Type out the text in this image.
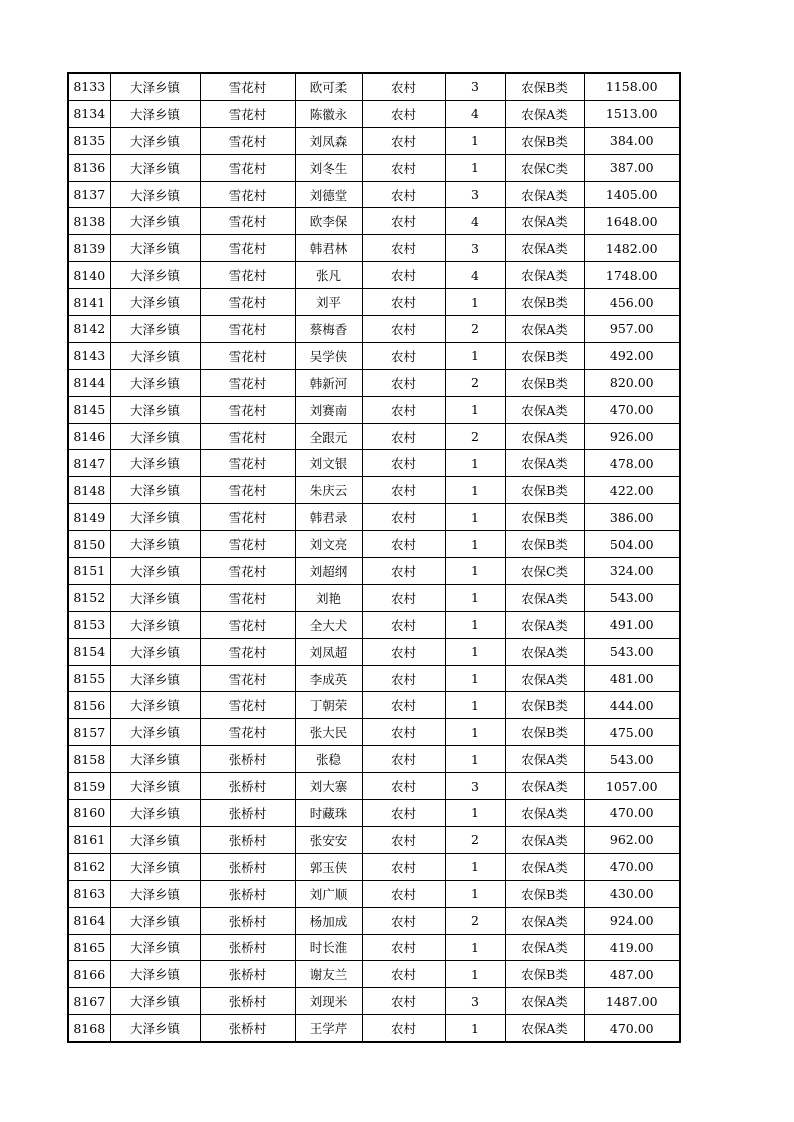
8133	大泽乡镇	雪花村	欧可柔	农村	3	农保B类	1158.00
8134	大泽乡镇	雪花村	陈徽永	农村	4	农保A类	1513.00
8135	大泽乡镇	雪花村	刘凤森	农村	1	农保B类	384.00
8136	大泽乡镇	雪花村	刘冬生	农村	1	农保C类	387.00
8137	大泽乡镇	雪花村	刘德堂	农村	3	农保A类	1405.00
8138	大泽乡镇	雪花村	欧李保	农村	4	农保A类	1648.00
8139	大泽乡镇	雪花村	韩君林	农村	3	农保A类	1482.00
8140	大泽乡镇	雪花村	张凡	农村	4	农保A类	1748.00
8141	大泽乡镇	雪花村	刘平	农村	1	农保B类	456.00
8142	大泽乡镇	雪花村	蔡梅香	农村	2	农保A类	957.00
8143	大泽乡镇	雪花村	吴学侠	农村	1	农保B类	492.00
8144	大泽乡镇	雪花村	韩新河	农村	2	农保B类	820.00
8145	大泽乡镇	雪花村	刘赛南	农村	1	农保A类	470.00
8146	大泽乡镇	雪花村	全跟元	农村	2	农保A类	926.00
8147	大泽乡镇	雪花村	刘文银	农村	1	农保A类	478.00
8148	大泽乡镇	雪花村	朱庆云	农村	1	农保B类	422.00
8149	大泽乡镇	雪花村	韩君录	农村	1	农保B类	386.00
8150	大泽乡镇	雪花村	刘文亮	农村	1	农保B类	504.00
8151	大泽乡镇	雪花村	刘超纲	农村	1	农保C类	324.00
8152	大泽乡镇	雪花村	刘艳	农村	1	农保A类	543.00
8153	大泽乡镇	雪花村	全大犬	农村	1	农保A类	491.00
8154	大泽乡镇	雪花村	刘凤超	农村	1	农保A类	543.00
8155	大泽乡镇	雪花村	李成英	农村	1	农保A类	481.00
8156	大泽乡镇	雪花村	丁朝荣	农村	1	农保B类	444.00
8157	大泽乡镇	雪花村	张大民	农村	1	农保B类	475.00
8158	大泽乡镇	张桥村	张稳	农村	1	农保A类	543.00
8159	大泽乡镇	张桥村	刘大寨	农村	3	农保A类	1057.00
8160	大泽乡镇	张桥村	时藏珠	农村	1	农保A类	470.00
8161	大泽乡镇	张桥村	张安安	农村	2	农保A类	962.00
8162	大泽乡镇	张桥村	郭玉侠	农村	1	农保A类	470.00
8163	大泽乡镇	张桥村	刘广顺	农村	1	农保B类	430.00
8164	大泽乡镇	张桥村	杨加成	农村	2	农保A类	924.00
8165	大泽乡镇	张桥村	时长淮	农村	1	农保A类	419.00
8166	大泽乡镇	张桥村	谢友兰	农村	1	农保B类	487.00
8167	大泽乡镇	张桥村	刘现米	农村	3	农保A类	1487.00
8168	大泽乡镇	张桥村	王学芹	农村	1	农保A类	470.00
